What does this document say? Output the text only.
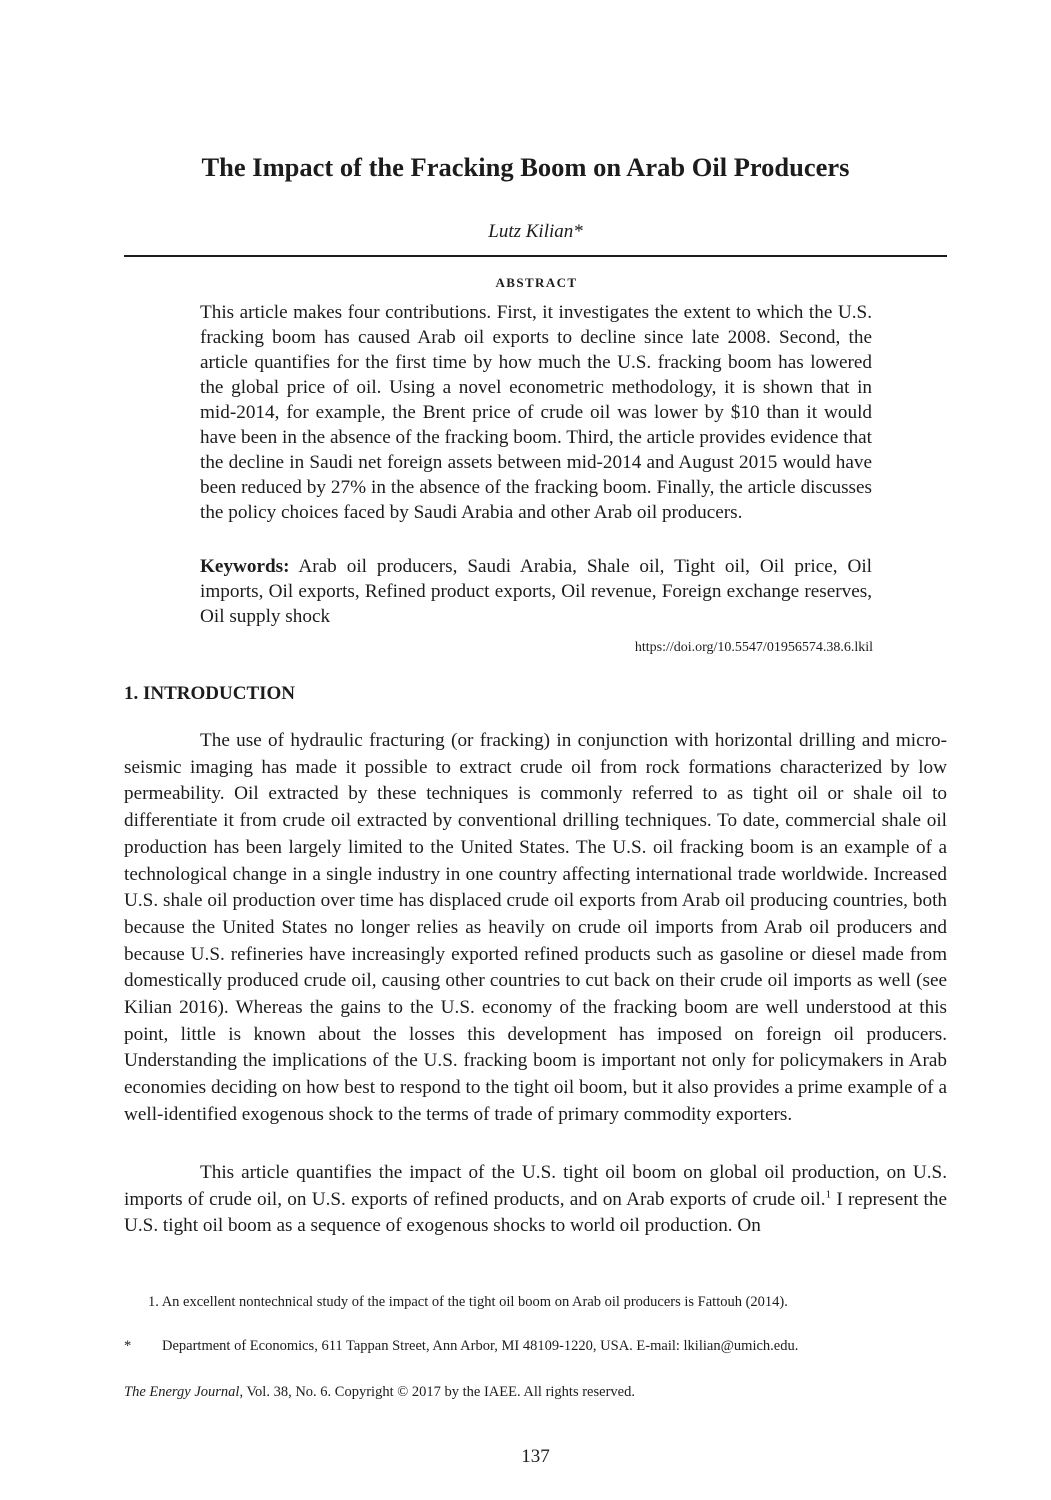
The Impact of the Fracking Boom on Arab Oil Producers
Lutz Kilian*
ABSTRACT

This article makes four contributions. First, it investigates the extent to which the U.S. fracking boom has caused Arab oil exports to decline since late 2008. Second, the article quantifies for the first time by how much the U.S. fracking boom has lowered the global price of oil. Using a novel econometric methodology, it is shown that in mid-2014, for example, the Brent price of crude oil was lower by $10 than it would have been in the absence of the fracking boom. Third, the article provides evidence that the decline in Saudi net foreign assets between mid-2014 and August 2015 would have been reduced by 27% in the absence of the fracking boom. Finally, the article discusses the policy choices faced by Saudi Arabia and other Arab oil producers.

Keywords: Arab oil producers, Saudi Arabia, Shale oil, Tight oil, Oil price, Oil imports, Oil exports, Refined product exports, Oil revenue, Foreign exchange reserves, Oil supply shock

https://doi.org/10.5547/01956574.38.6.lkil
1. INTRODUCTION

The use of hydraulic fracturing (or fracking) in conjunction with horizontal drilling and micro-seismic imaging has made it possible to extract crude oil from rock formations characterized by low permeability. Oil extracted by these techniques is commonly referred to as tight oil or shale oil to differentiate it from crude oil extracted by conventional drilling techniques. To date, commercial shale oil production has been largely limited to the United States. The U.S. oil fracking boom is an example of a technological change in a single industry in one country affecting international trade worldwide. Increased U.S. shale oil production over time has displaced crude oil exports from Arab oil producing countries, both because the United States no longer relies as heavily on crude oil imports from Arab oil producers and because U.S. refineries have increasingly exported refined products such as gasoline or diesel made from domestically produced crude oil, causing other countries to cut back on their crude oil imports as well (see Kilian 2016). Whereas the gains to the U.S. economy of the fracking boom are well understood at this point, little is known about the losses this development has imposed on foreign oil producers. Understanding the implications of the U.S. fracking boom is important not only for policymakers in Arab economies deciding on how best to respond to the tight oil boom, but it also provides a prime example of a well-identified exogenous shock to the terms of trade of primary commodity exporters.

This article quantifies the impact of the U.S. tight oil boom on global oil production, on U.S. imports of crude oil, on U.S. exports of refined products, and on Arab exports of crude oil.$^1$ I represent the U.S. tight oil boom as a sequence of exogenous shocks to world oil production. On

1. An excellent nontechnical study of the impact of the tight oil boom on Arab oil producers is Fattouh (2014).
* Department of Economics, 611 Tappan Street, Ann Arbor, MI 48109-1220, USA. E-mail: lkilian@umich.edu.
The Energy Journal, Vol. 38, No. 6. Copyright © 2017 by the IAEE. All rights reserved.
137
